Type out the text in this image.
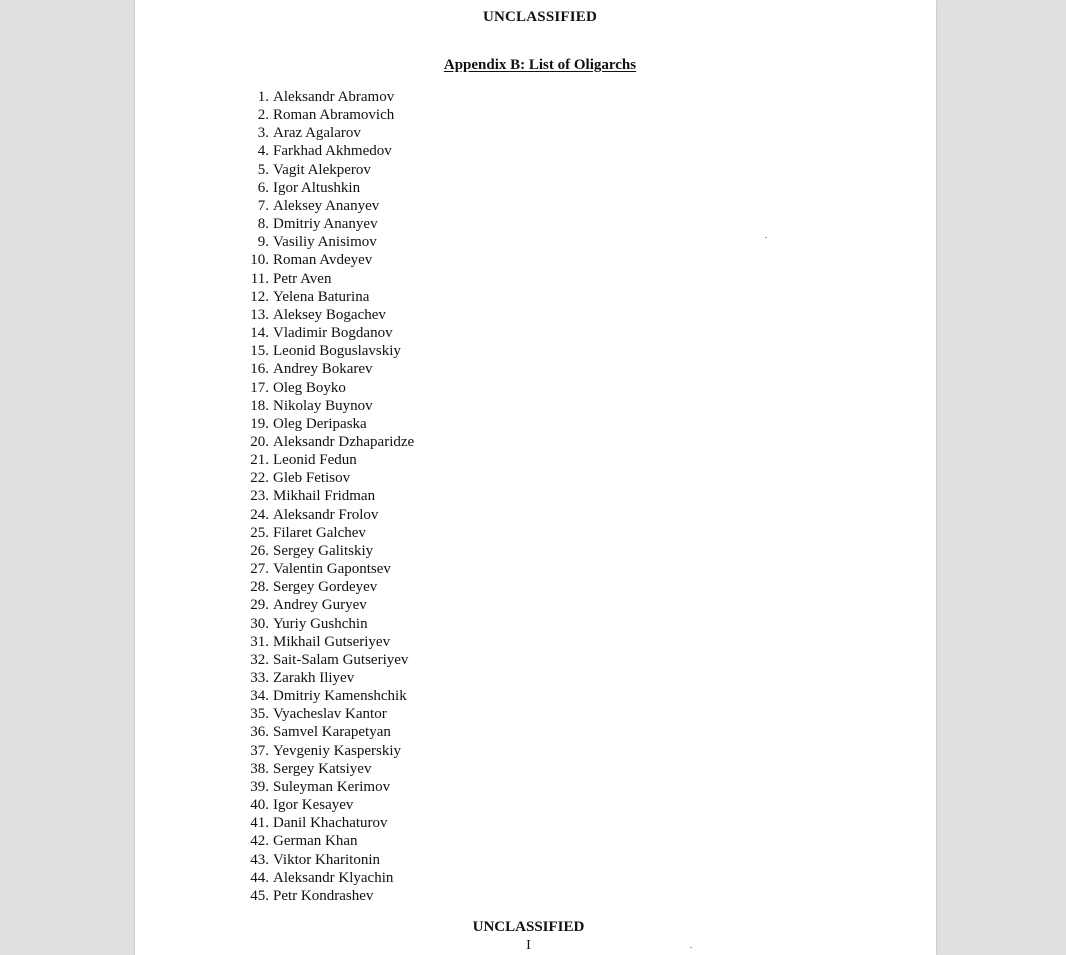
UNCLASSIFIED
Appendix B: List of Oligarchs
1. Aleksandr Abramov
2. Roman Abramovich
3. Araz Agalarov
4. Farkhad Akhmedov
5. Vagit Alekperov
6. Igor Altushkin
7. Aleksey Ananyev
8. Dmitriy Ananyev
9. Vasiliy Anisimov
10. Roman Avdeyev
11. Petr Aven
12. Yelena Baturina
13. Aleksey Bogachev
14. Vladimir Bogdanov
15. Leonid Boguslavskiy
16. Andrey Bokarev
17. Oleg Boyko
18. Nikolay Buynov
19. Oleg Deripaska
20. Aleksandr Dzhaparidze
21. Leonid Fedun
22. Gleb Fetisov
23. Mikhail Fridman
24. Aleksandr Frolov
25. Filaret Galchev
26. Sergey Galitskiy
27. Valentin Gapontsev
28. Sergey Gordeyev
29. Andrey Guryev
30. Yuriy Gushchin
31. Mikhail Gutseriyev
32. Sait-Salam Gutseriyev
33. Zarakh Iliyev
34. Dmitriy Kamenshchik
35. Vyacheslav Kantor
36. Samvel Karapetyan
37. Yevgeniy Kasperskiy
38. Sergey Katsiyev
39. Suleyman Kerimov
40. Igor Kesayev
41. Danil Khachaturov
42. German Khan
43. Viktor Kharitonin
44. Aleksandr Klyachin
45. Petr Kondrashev
UNCLASSIFIED
I
